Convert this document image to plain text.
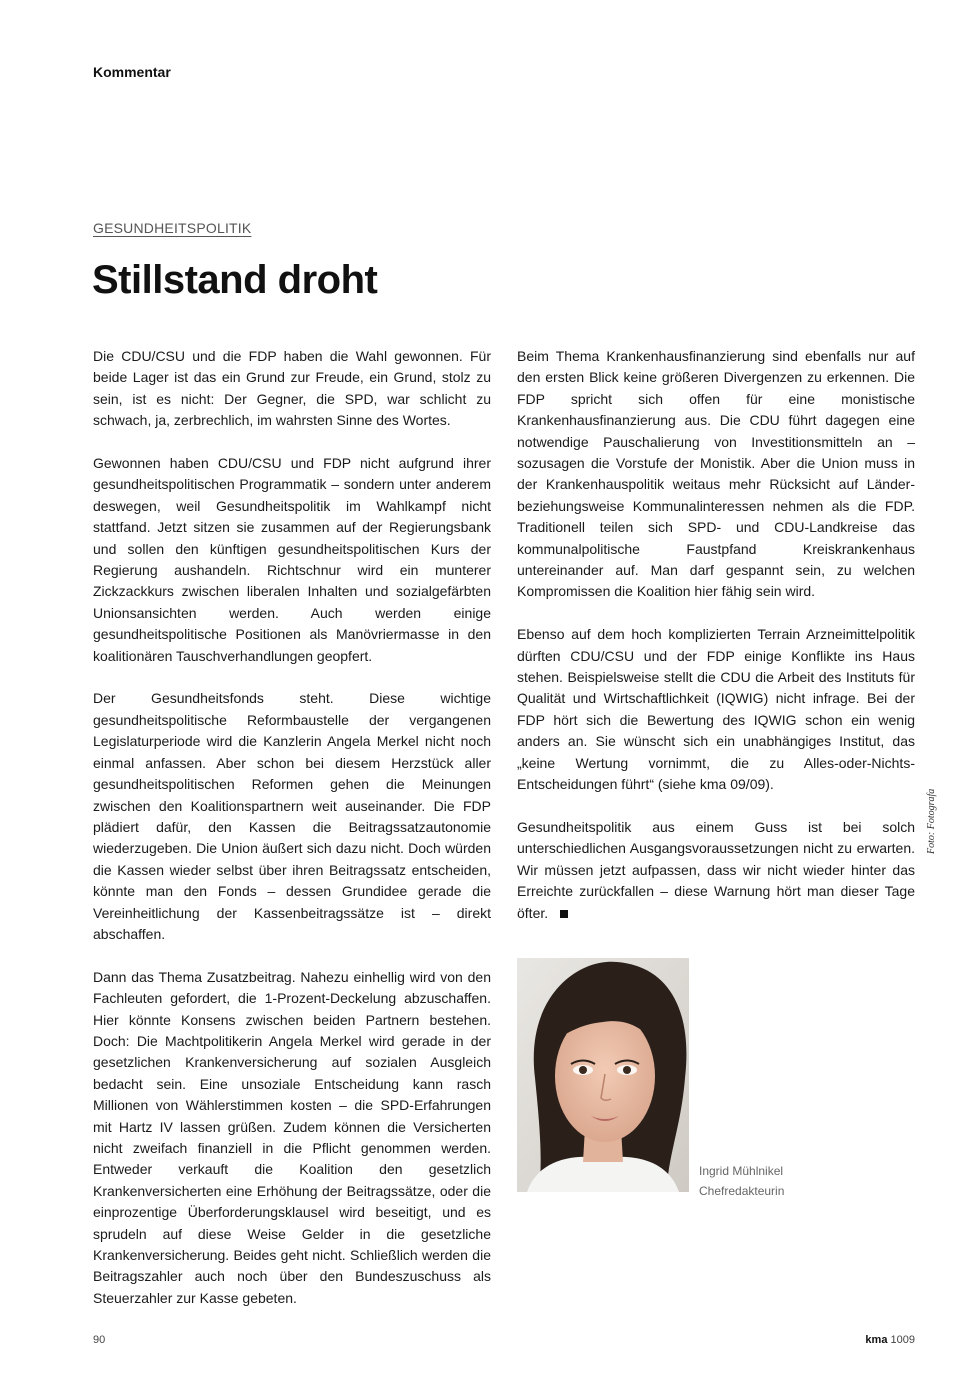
Kommentar
GESUNDHEITSPOLITIK
Stillstand droht

Die CDU/CSU und die FDP haben die Wahl gewonnen. Für beide Lager ist das ein Grund zur Freude, ein Grund, stolz zu sein, ist es nicht: Der Gegner, die SPD, war schlicht zu schwach, ja, zerbrechlich, im wahrsten Sinne des Wortes.

Gewonnen haben CDU/CSU und FDP nicht aufgrund ihrer gesundheitspolitischen Programmatik – sondern unter anderem deswegen, weil Gesundheitspolitik im Wahlkampf nicht stattfand. Jetzt sitzen sie zusammen auf der Regierungsbank und sollen den künftigen gesundheitspolitischen Kurs der Regierung aushandeln. Richtschnur wird ein munterer Zickzackkurs zwischen liberalen Inhalten und sozialgefärbten Unionsansichten werden. Auch werden einige gesundheitspolitische Positionen als Manövriermasse in den koalitionären Tauschverhandlungen geopfert.

Der Gesundheitsfonds steht. Diese wichtige gesundheitspolitische Reformbaustelle der vergangenen Legislaturperiode wird die Kanzlerin Angela Merkel nicht noch einmal anfassen. Aber schon bei diesem Herzstück aller gesundheitspolitischen Reformen gehen die Meinungen zwischen den Koalitionspartnern weit auseinander. Die FDP plädiert dafür, den Kassen die Beitragssatzautonomie wiederzugeben. Die Union äußert sich dazu nicht. Doch würden die Kassen wieder selbst über ihren Beitragssatz entscheiden, könnte man den Fonds – dessen Grundidee gerade die Vereinheitlichung der Kassenbeitragssätze ist – direkt abschaffen.

Dann das Thema Zusatzbeitrag. Nahezu einhellig wird von den Fachleuten gefordert, die 1-Prozent-Deckelung abzuschaffen. Hier könnte Konsens zwischen beiden Partnern bestehen. Doch: Die Machtpolitikerin Angela Merkel wird gerade in der gesetzlichen Krankenversicherung auf sozialen Ausgleich bedacht sein. Eine unsoziale Entscheidung kann rasch Millionen von Wählerstimmen kosten – die SPD-Erfahrungen mit Hartz IV lassen grüßen. Zudem können die Versicherten nicht zweifach finanziell in die Pflicht genommen werden. Entweder verkauft die Koalition den gesetzlich Krankenversicherten eine Erhöhung der Beitragssätze, oder die einprozentige Überforderungsklausel wird beseitigt, und es sprudeln auf diese Weise Gelder in die gesetzliche Krankenversicherung. Beides geht nicht. Schließlich werden die Beitragszahler auch noch über den Bundeszuschuss als Steuerzahler zur Kasse gebeten.

Beim Thema Krankenhausfinanzierung sind ebenfalls nur auf den ersten Blick keine größeren Divergenzen zu erkennen. Die FDP spricht sich offen für eine monistische Krankenhausfinanzierung aus. Die CDU führt dagegen eine notwendige Pauschalierung von Investitionsmitteln an – sozusagen die Vorstufe der Monistik. Aber die Union muss in der Krankenhauspolitik weitaus mehr Rücksicht auf Länder- beziehungsweise Kommunalinteressen nehmen als die FDP. Traditionell teilen sich SPD- und CDU-Landkreise das kommunalpolitische Faustpfand Kreiskrankenhaus untereinander auf. Man darf gespannt sein, zu welchen Kompromissen die Koalition hier fähig sein wird.

Ebenso auf dem hoch komplizierten Terrain Arzneimittelpolitik dürften CDU/CSU und der FDP einige Konflikte ins Haus stehen. Beispielsweise stellt die CDU die Arbeit des Instituts für Qualität und Wirtschaftlichkeit (IQWIG) nicht infrage. Bei der FDP hört sich die Bewertung des IQWIG schon ein wenig anders an. Sie wünscht sich ein unabhängiges Institut, das „keine Wertung vornimmt, die zu Alles-oder-Nichts-Entscheidungen führt“ (siehe kma 09/09).

Gesundheitspolitik aus einem Guss ist bei solch unterschiedlichen Ausgangsvoraussetzungen nicht zu erwarten. Wir müssen jetzt aufpassen, dass wir nicht wieder hinter das Erreichte zurückfallen – diese Warnung hört man dieser Tage öfter.

Foto: Fotografa
Ingrid Mühlnikel
Chefredakteurin
90	kma 1009
